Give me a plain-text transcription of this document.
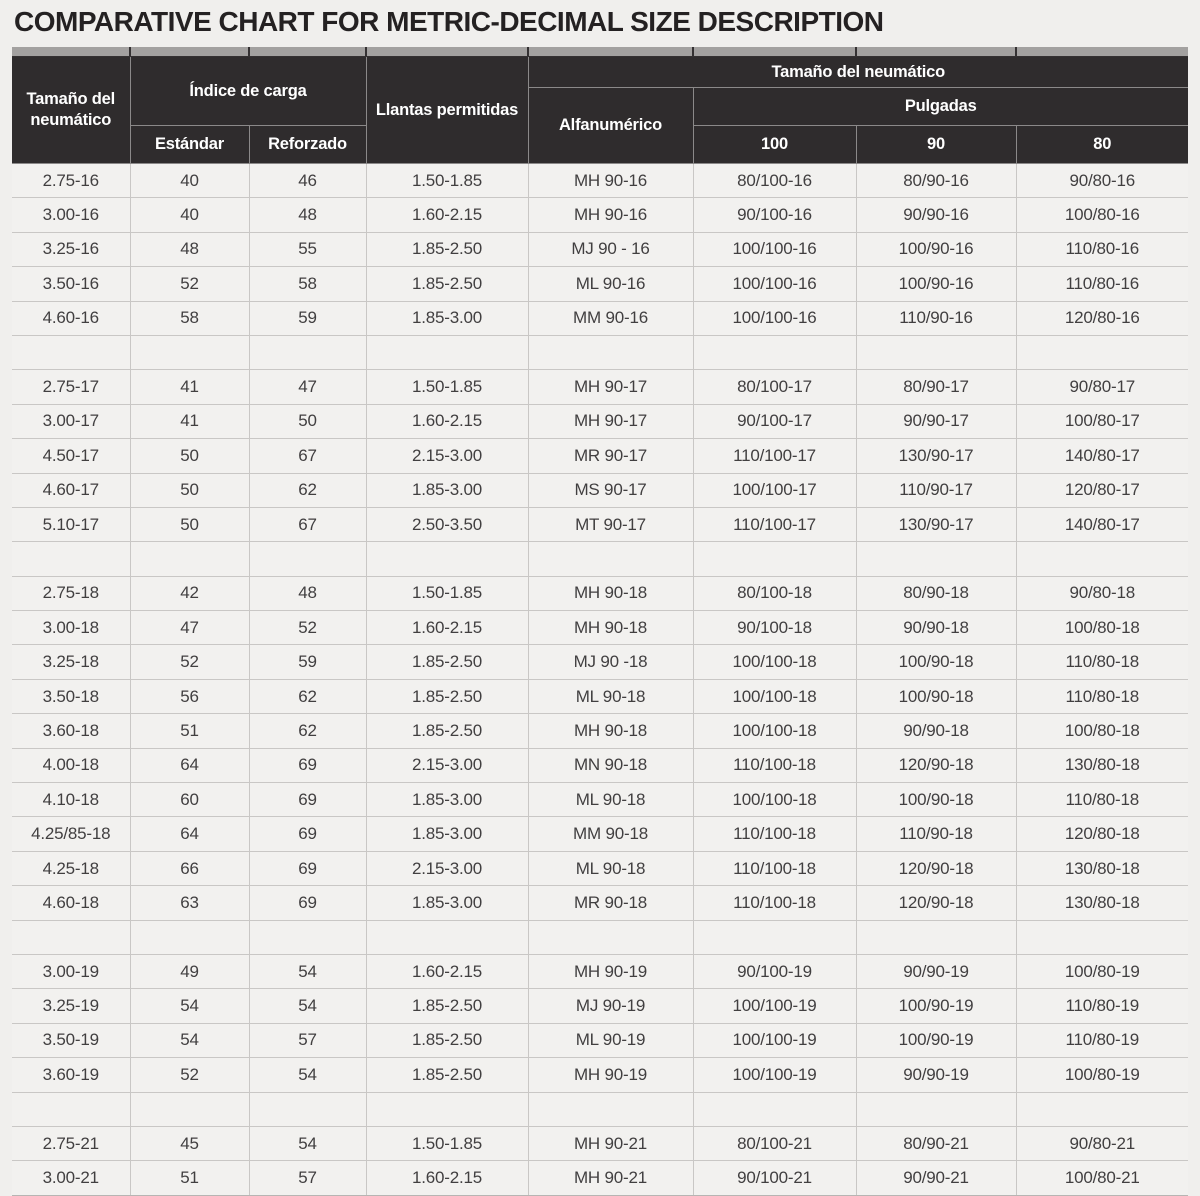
COMPARATIVE CHART FOR METRIC-DECIMAL SIZE DESCRIPTION

Tamaño del neumático	Índice de carga		Llantas permitidas	Tamaño del neumático			
				Alfanumérico	Pulgadas		
	Estándar	Reforzado			100	90	80
2.75-16	40	46	1.50-1.85	MH 90-16	80/100-16	80/90-16	90/80-16
3.00-16	40	48	1.60-2.15	MH 90-16	90/100-16	90/90-16	100/80-16
3.25-16	48	55	1.85-2.50	MJ 90 - 16	100/100-16	100/90-16	110/80-16
3.50-16	52	58	1.85-2.50	ML 90-16	100/100-16	100/90-16	110/80-16
4.60-16	58	59	1.85-3.00	MM 90-16	100/100-16	110/90-16	120/80-16

2.75-17	41	47	1.50-1.85	MH 90-17	80/100-17	80/90-17	90/80-17
3.00-17	41	50	1.60-2.15	MH 90-17	90/100-17	90/90-17	100/80-17
4.50-17	50	67	2.15-3.00	MR 90-17	110/100-17	130/90-17	140/80-17
4.60-17	50	62	1.85-3.00	MS 90-17	100/100-17	110/90-17	120/80-17
5.10-17	50	67	2.50-3.50	MT 90-17	110/100-17	130/90-17	140/80-17

2.75-18	42	48	1.50-1.85	MH 90-18	80/100-18	80/90-18	90/80-18
3.00-18	47	52	1.60-2.15	MH 90-18	90/100-18	90/90-18	100/80-18
3.25-18	52	59	1.85-2.50	MJ 90 -18	100/100-18	100/90-18	110/80-18
3.50-18	56	62	1.85-2.50	ML 90-18	100/100-18	100/90-18	110/80-18
3.60-18	51	62	1.85-2.50	MH 90-18	100/100-18	90/90-18	100/80-18
4.00-18	64	69	2.15-3.00	MN 90-18	110/100-18	120/90-18	130/80-18
4.10-18	60	69	1.85-3.00	ML 90-18	100/100-18	100/90-18	110/80-18
4.25/85-18	64	69	1.85-3.00	MM 90-18	110/100-18	110/90-18	120/80-18
4.25-18	66	69	2.15-3.00	ML 90-18	110/100-18	120/90-18	130/80-18
4.60-18	63	69	1.85-3.00	MR 90-18	110/100-18	120/90-18	130/80-18

3.00-19	49	54	1.60-2.15	MH 90-19	90/100-19	90/90-19	100/80-19
3.25-19	54	54	1.85-2.50	MJ 90-19	100/100-19	100/90-19	110/80-19
3.50-19	54	57	1.85-2.50	ML 90-19	100/100-19	100/90-19	110/80-19
3.60-19	52	54	1.85-2.50	MH 90-19	100/100-19	90/90-19	100/80-19

2.75-21	45	54	1.50-1.85	MH 90-21	80/100-21	80/90-21	90/80-21
3.00-21	51	57	1.60-2.15	MH 90-21	90/100-21	90/90-21	100/80-21
